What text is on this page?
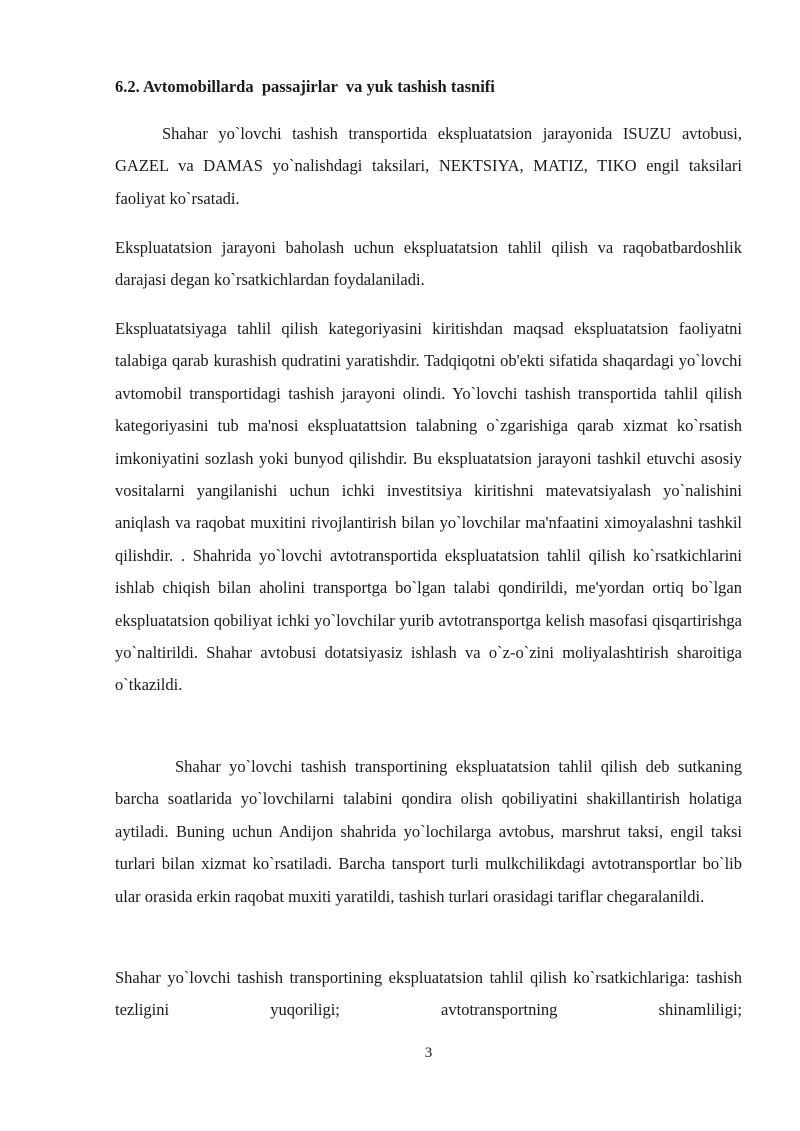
6.2. Avtomobillarda  passajirlar  va yuk tashish tasnifi

Shahar yo`lovchi tashish transportida ekspluatatsion jarayonida ISUZU avtobusi, GAZEL va DAMAS yo`nalishdagi taksilari, NEKTSIYA, MATIZ, TIKO engil taksilari faoliyat ko`rsatadi.

Ekspluatatsion jarayoni baholash uchun ekspluatatsion tahlil qilish va raqobatbardoshlik darajasi degan ko`rsatkichlardan foydalaniladi.

Ekspluatatsiyaga tahlil qilish kategoriyasini kiritishdan maqsad ekspluatatsion faoliyatni talabiga qarab kurashish qudratini yaratishdir. Tadqiqotni ob'ekti sifatida shaqardagi yo`lovchi avtomobil transportidagi tashish jarayoni olindi. Yo`lovchi tashish transportida tahlil qilish kategoriyasini tub ma'nosi ekspluatattsion talabning o`zgarishiga qarab xizmat ko`rsatish imkoniyatini sozlash yoki bunyod qilishdir. Bu ekspluatatsion jarayoni tashkil etuvchi asosiy vositalarni yangilanishi uchun ichki investitsiya kiritishni matevatsiyalash yo`nalishini aniqlash va raqobat muxitini rivojlantirish bilan yo`lovchilar ma'nfaatini ximoyalashni tashkil qilishdir. . Shahrida yo`lovchi avtotransportida ekspluatatsion tahlil qilish ko`rsatkichlarini ishlab chiqish bilan aholini transportga bo`lgan talabi qondirildi, me'yordan ortiq bo`lgan ekspluatatsion qobiliyat ichki yo`lovchilar yurib avtotransportga kelish masofasi qisqartirishga yo`naltirildi. Shahar avtobusi dotatsiyasiz ishlash va o`z-o`zini moliyalashtirish sharoitiga o`tkazildi.

Shahar yo`lovchi tashish transportining ekspluatatsion tahlil qilish deb sutkaning barcha soatlarida yo`lovchilarni talabini qondira olish qobiliyatini shakillantirish holatiga aytiladi. Buning uchun Andijon shahrida yo`lochilarga avtobus, marshrut taksi, engil taksi turlari bilan xizmat ko`rsatiladi. Barcha tansport turli mulkchilikdagi avtotransportlar bo`lib ular orasida erkin raqobat muxiti yaratildi, tashish turlari orasidagi tariflar chegaralanildi.

Shahar yo`lovchi tashish transportining ekspluatatsion tahlil qilish ko`rsatkichlariga: tashish tezligini yuqoriligi; avtotransportning shinamliligi;

3
